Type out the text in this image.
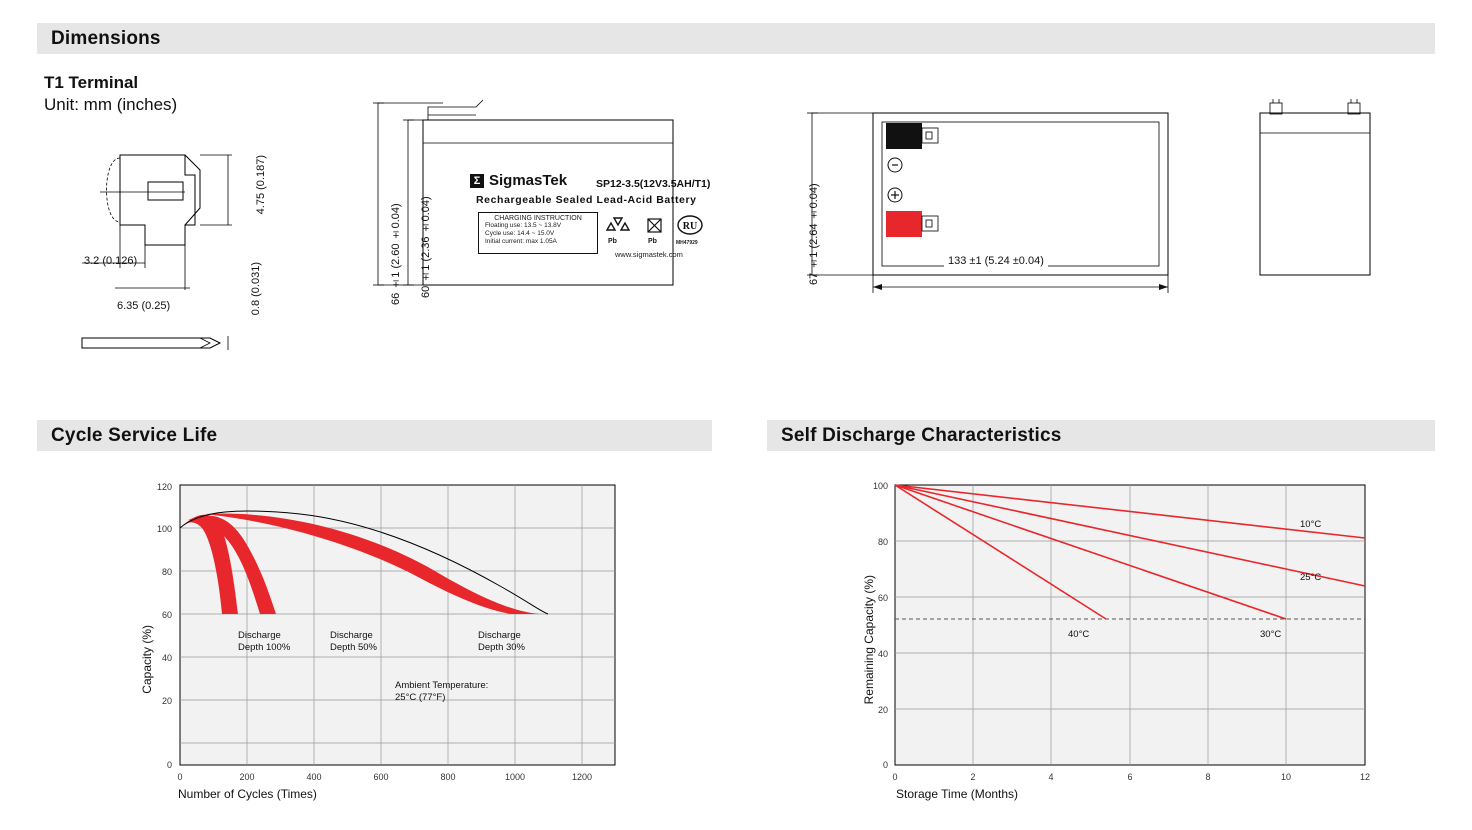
Dimensions
T1 Terminal
Unit: mm (inches)
4.75 (0.187)
3.2 (0.126)
6.35 (0.25)	0.8 (0.031)	66 ±1 (2.60 ±0.04) 60 ±1 (2.36 ±0.04)
Σ SigmasTek	SP12-3.5(12V3.5AH/T1)
Rechargeable Sealed Lead-Acid Battery
CHARGING INSTRUCTION
Floating use: 13.5 ~ 13.8V
Cycle use: 14.4 ~ 15.0V
Initial current: max 1.05A
RU
Pb	Pb	MH47929
www.sigmastek.com	67 ±1 (2.64 ±0.04)	133 ±1 (5.24 ±0.04)
Cycle Service Life
120
100
80
60
40
20
0
0	200	400	600	800	1000	1200
Discharge
Depth 100%
Discharge
Depth 50%
Discharge
Depth 30%
Ambient Temperature:
25°C (77°F)
Capacity (%)
Number of Cycles (Times)
Self Discharge Characteristics
100
80
60
40
20
0
0	2	4	6	8	10	12
10°C
25°C
30°C
40°C
Remaining Capacity (%)
Storage Time (Months)
